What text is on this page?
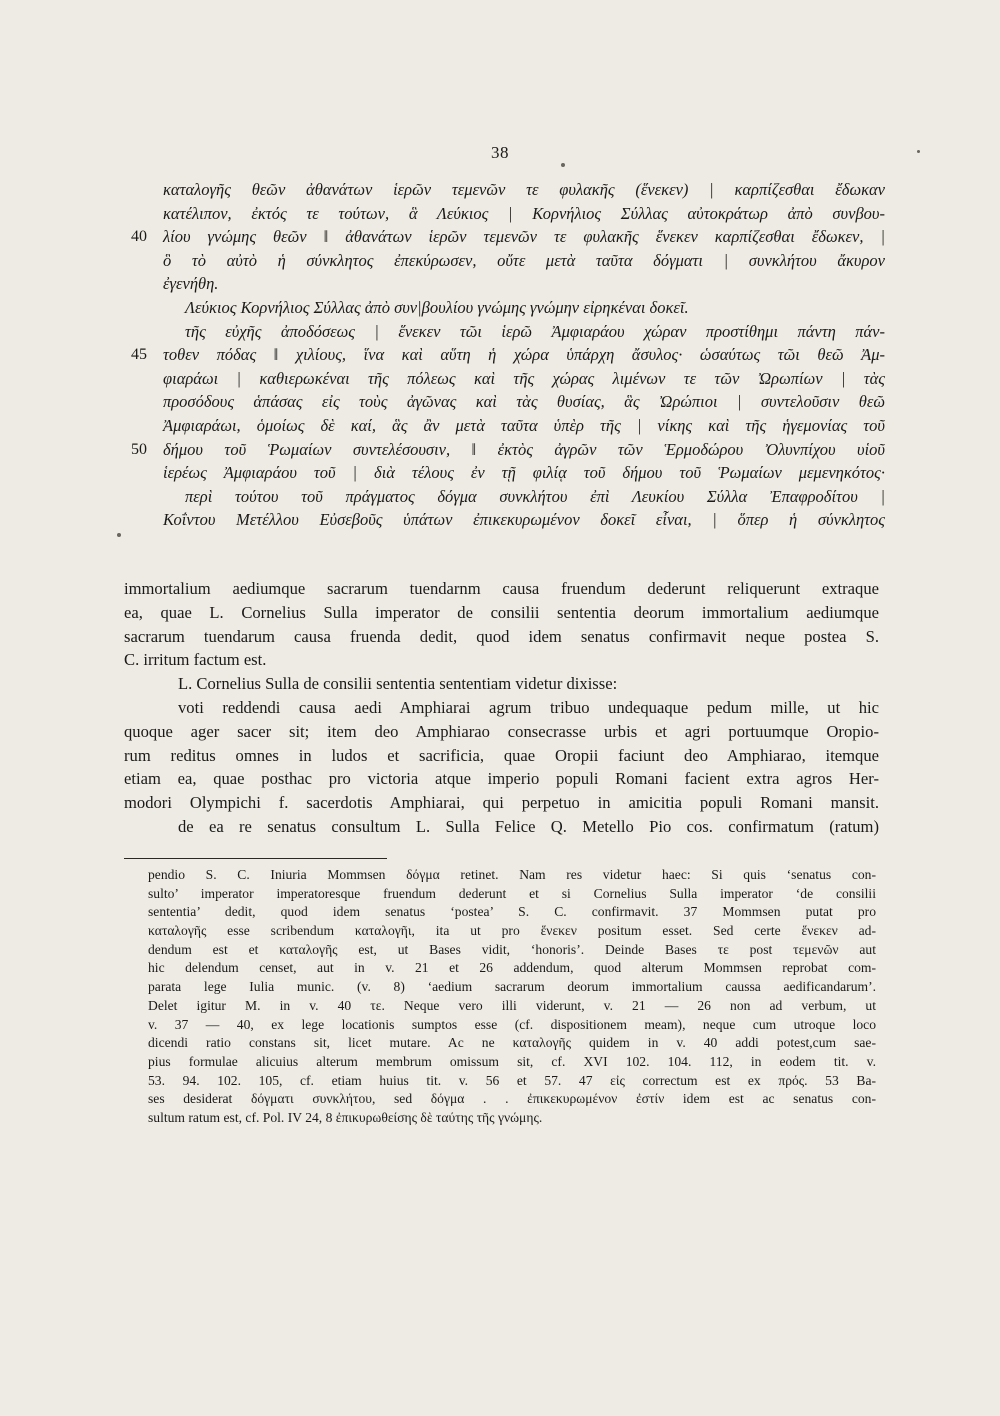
38
καταλογῆς θεῶν ἀθανάτων ἱερῶν τεμενῶν τε φυλακῆς (ἕνεκεν) | καρπίζεσθαι ἔδωκαν
κατέλιπον, ἐκτός τε τούτων, ἃ Λεύκιος | Κορνήλιος Σύλλας αὐτοκράτωρ ἀπὸ συνβου-
40 λίου γνώμης θεῶν ‖ ἀθανάτων ἱερῶν τεμενῶν τε φυλακῆς ἕνεκεν καρπίζεσθαι ἔδωκεν, |
ὃ τὸ αὐτὸ ἡ σύνκλητος ἐπεκύρωσεν, οὔτε μετὰ ταῦτα δόγματι | συνκλήτου ἄκυρον
ἐγενήθη.
Λεύκιος Κορνήλιος Σύλλας ἀπὸ συν|βουλίου γνώμης γνώμην εἰρηκέναι δοκεῖ.
τῆς εὐχῆς ἀποδόσεως | ἕνεκεν τῶι ἱερῶ Ἀμφιαράου χώραν προστίθημι πάντη πάν-
45 τοθεν πόδας ‖ χιλίους, ἵνα καὶ αὕτη ἡ χώρα ὑπάρχη ἄσυλος· ὡσαύτως τῶι θεῶ Ἀμ-
φιαράωι | καθιερωκέναι τῆς πόλεως καὶ τῆς χώρας λιμένων τε τῶν Ὠρωπίων | τὰς
προσόδους ἁπάσας εἰς τοὺς ἀγῶνας καὶ τὰς θυσίας, ἃς Ὠρώπιοι | συντελοῦσιν θεῶ
Ἀμφιαράωι, ὁμοίως δὲ καί, ἃς ἂν μετὰ ταῦτα ὑπὲρ τῆς | νίκης καὶ τῆς ἡγεμονίας τοῦ
50 δήμου τοῦ Ῥωμαίων συντελέσουσιν, ‖ ἐκτὸς ἀγρῶν τῶν Ἑρμοδώρου Ὀλυνπίχου υἱοῦ
ἱερέως Ἀμφιαράου τοῦ | διὰ τέλους ἐν τῇ φιλίᾳ τοῦ δήμου τοῦ Ῥωμαίων μεμενηκότος·
περὶ τούτου τοῦ πράγματος δόγμα συνκλήτου ἐπὶ Λευκίου Σύλλα Ἐπαφροδίτου |
Κοΐντου Μετέλλου Εὐσεβοῦς ὑπάτων ἐπικεκυρωμένον δοκεῖ εἶναι, | ὅπερ ἡ σύνκλητος
immortalium aediumque sacrarum tuendarnm causa fruendum dederunt reliquerunt extraque
ea, quae L. Cornelius Sulla imperator de consilii sententia deorum immortalium aediumque
sacrarum tuendarum causa fruenda dedit, quod idem senatus confirmavit neque postea S.
C. irritum factum est.
L. Cornelius Sulla de consilii sententia sententiam videtur dixisse:
voti reddendi causa aedi Amphiarai agrum tribuo undequaque pedum mille, ut hic
quoque ager sacer sit; item deo Amphiarao consecrasse urbis et agri portuumque Oropio-
rum reditus omnes in ludos et sacrificia, quae Oropii faciunt deo Amphiarao, itemque
etiam ea, quae posthac pro victoria atque imperio populi Romani facient extra agros Her-
modori Olympichi f. sacerdotis Amphiarai, qui perpetuo in amicitia populi Romani mansit.
de ea re senatus consultum L. Sulla Felice Q. Metello Pio cos. confirmatum (ratum)
pendio S. C. Iniuria Mommsen δόγμα retinet. Nam res videtur haec: Si quis ‘senatus con-
sulto’ imperator imperatoresque fruendum dederunt et si Cornelius Sulla imperator ‘de consilii
sententia’ dedit, quod idem senatus ‘postea’ S. C. confirmavit. 37 Mommsen putat pro
καταλογῆς esse scribendum καταλογῆι, ita ut pro ἕνεκεν positum esset. Sed certe ἕνεκεν ad-
dendum est et καταλογῆς est, ut Bases vidit, ‘honoris’. Deinde Bases τε post τεμενῶν aut
hic delendum censet, aut in v. 21 et 26 addendum, quod alterum Mommsen reprobat com-
parata lege Iulia munic. (v. 8) ‘aedium sacrarum deorum immortalium caussa aedificandarum’.
Delet igitur M. in v. 40 τε. Neque vero illi viderunt, v. 21 — 26 non ad verbum, ut
v. 37 — 40, ex lege locationis sumptos esse (cf. dispositionem meam), neque cum utroque loco
dicendi ratio constans sit, licet mutare. Ac ne καταλογῆς quidem in v. 40 addi potest,cum sae-
pius formulae alicuius alterum membrum omissum sit, cf. XVI 102. 104. 112, in eodem tit. v.
53. 94. 102. 105, cf. etiam huius tit. v. 56 et 57. 47 εἰς correctum est ex πρός. 53 Ba-
ses desiderat δόγματι συνκλήτου, sed δόγμα . . ἐπικεκυρωμένον ἐστίν idem est ac senatus con-
sultum ratum est, cf. Pol. IV 24, 8 ἐπικυρωθείσης δὲ ταύτης τῆς γνώμης.
